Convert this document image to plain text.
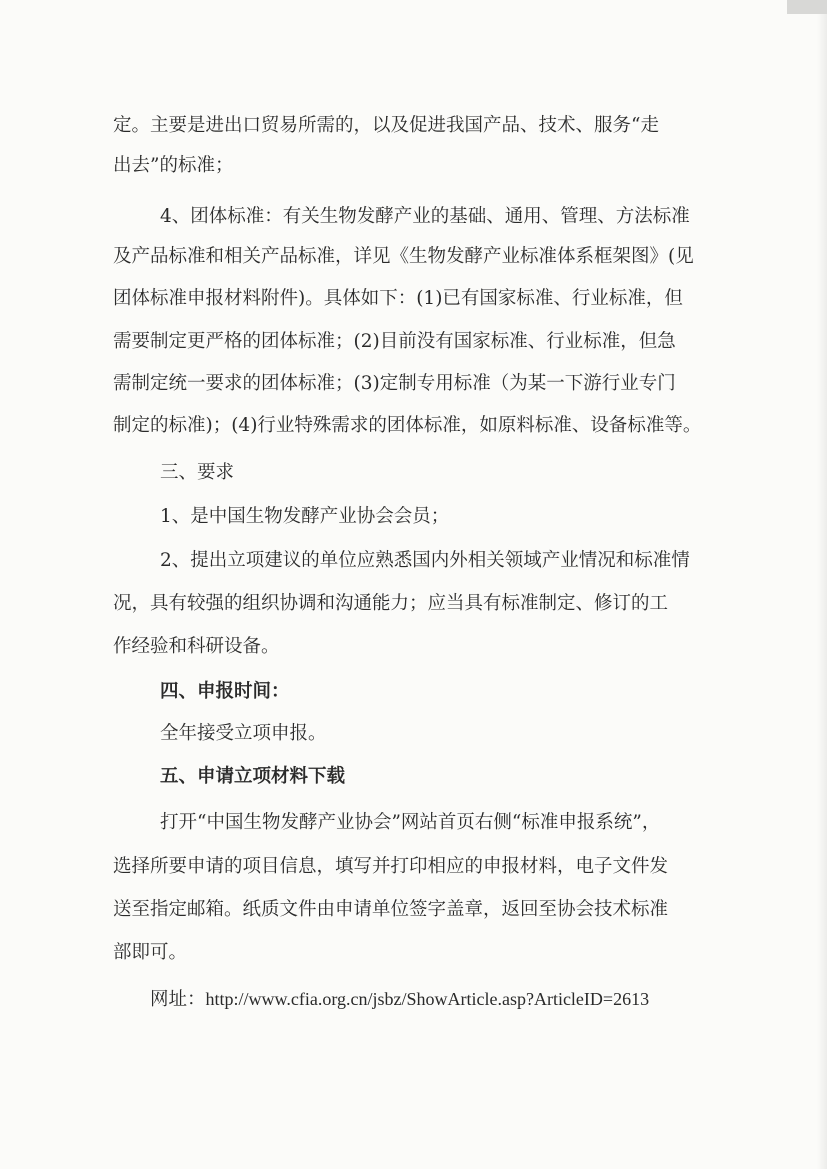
定。主要是进出口贸易所需的，以及促进我国产品、技术、服务“走
出去”的标准；
4、团体标准：有关生物发酵产业的基础、通用、管理、方法标准
及产品标准和相关产品标准，详见《生物发酵产业标准体系框架图》(见
团体标准申报材料附件)。具体如下：(1)已有国家标准、行业标准，但
需要制定更严格的团体标准；(2)目前没有国家标准、行业标准，但急
需制定统一要求的团体标准；(3)定制专用标准（为某一下游行业专门
制定的标准)；(4)行业特殊需求的团体标准，如原料标准、设备标准等。
三、要求
1、是中国生物发酵产业协会会员；
2、提出立项建议的单位应熟悉国内外相关领域产业情况和标准情
况，具有较强的组织协调和沟通能力；应当具有标准制定、修订的工
作经验和科研设备。
四、申报时间：
全年接受立项申报。
五、申请立项材料下载
打开“中国生物发酵产业协会”网站首页右侧“标准申报系统”，
选择所要申请的项目信息，填写并打印相应的申报材料，电子文件发
送至指定邮箱。纸质文件由申请单位签字盖章，返回至协会技术标准
部即可。
网址：http://www.cfia.org.cn/jsbz/ShowArticle.asp?ArticleID=2613
